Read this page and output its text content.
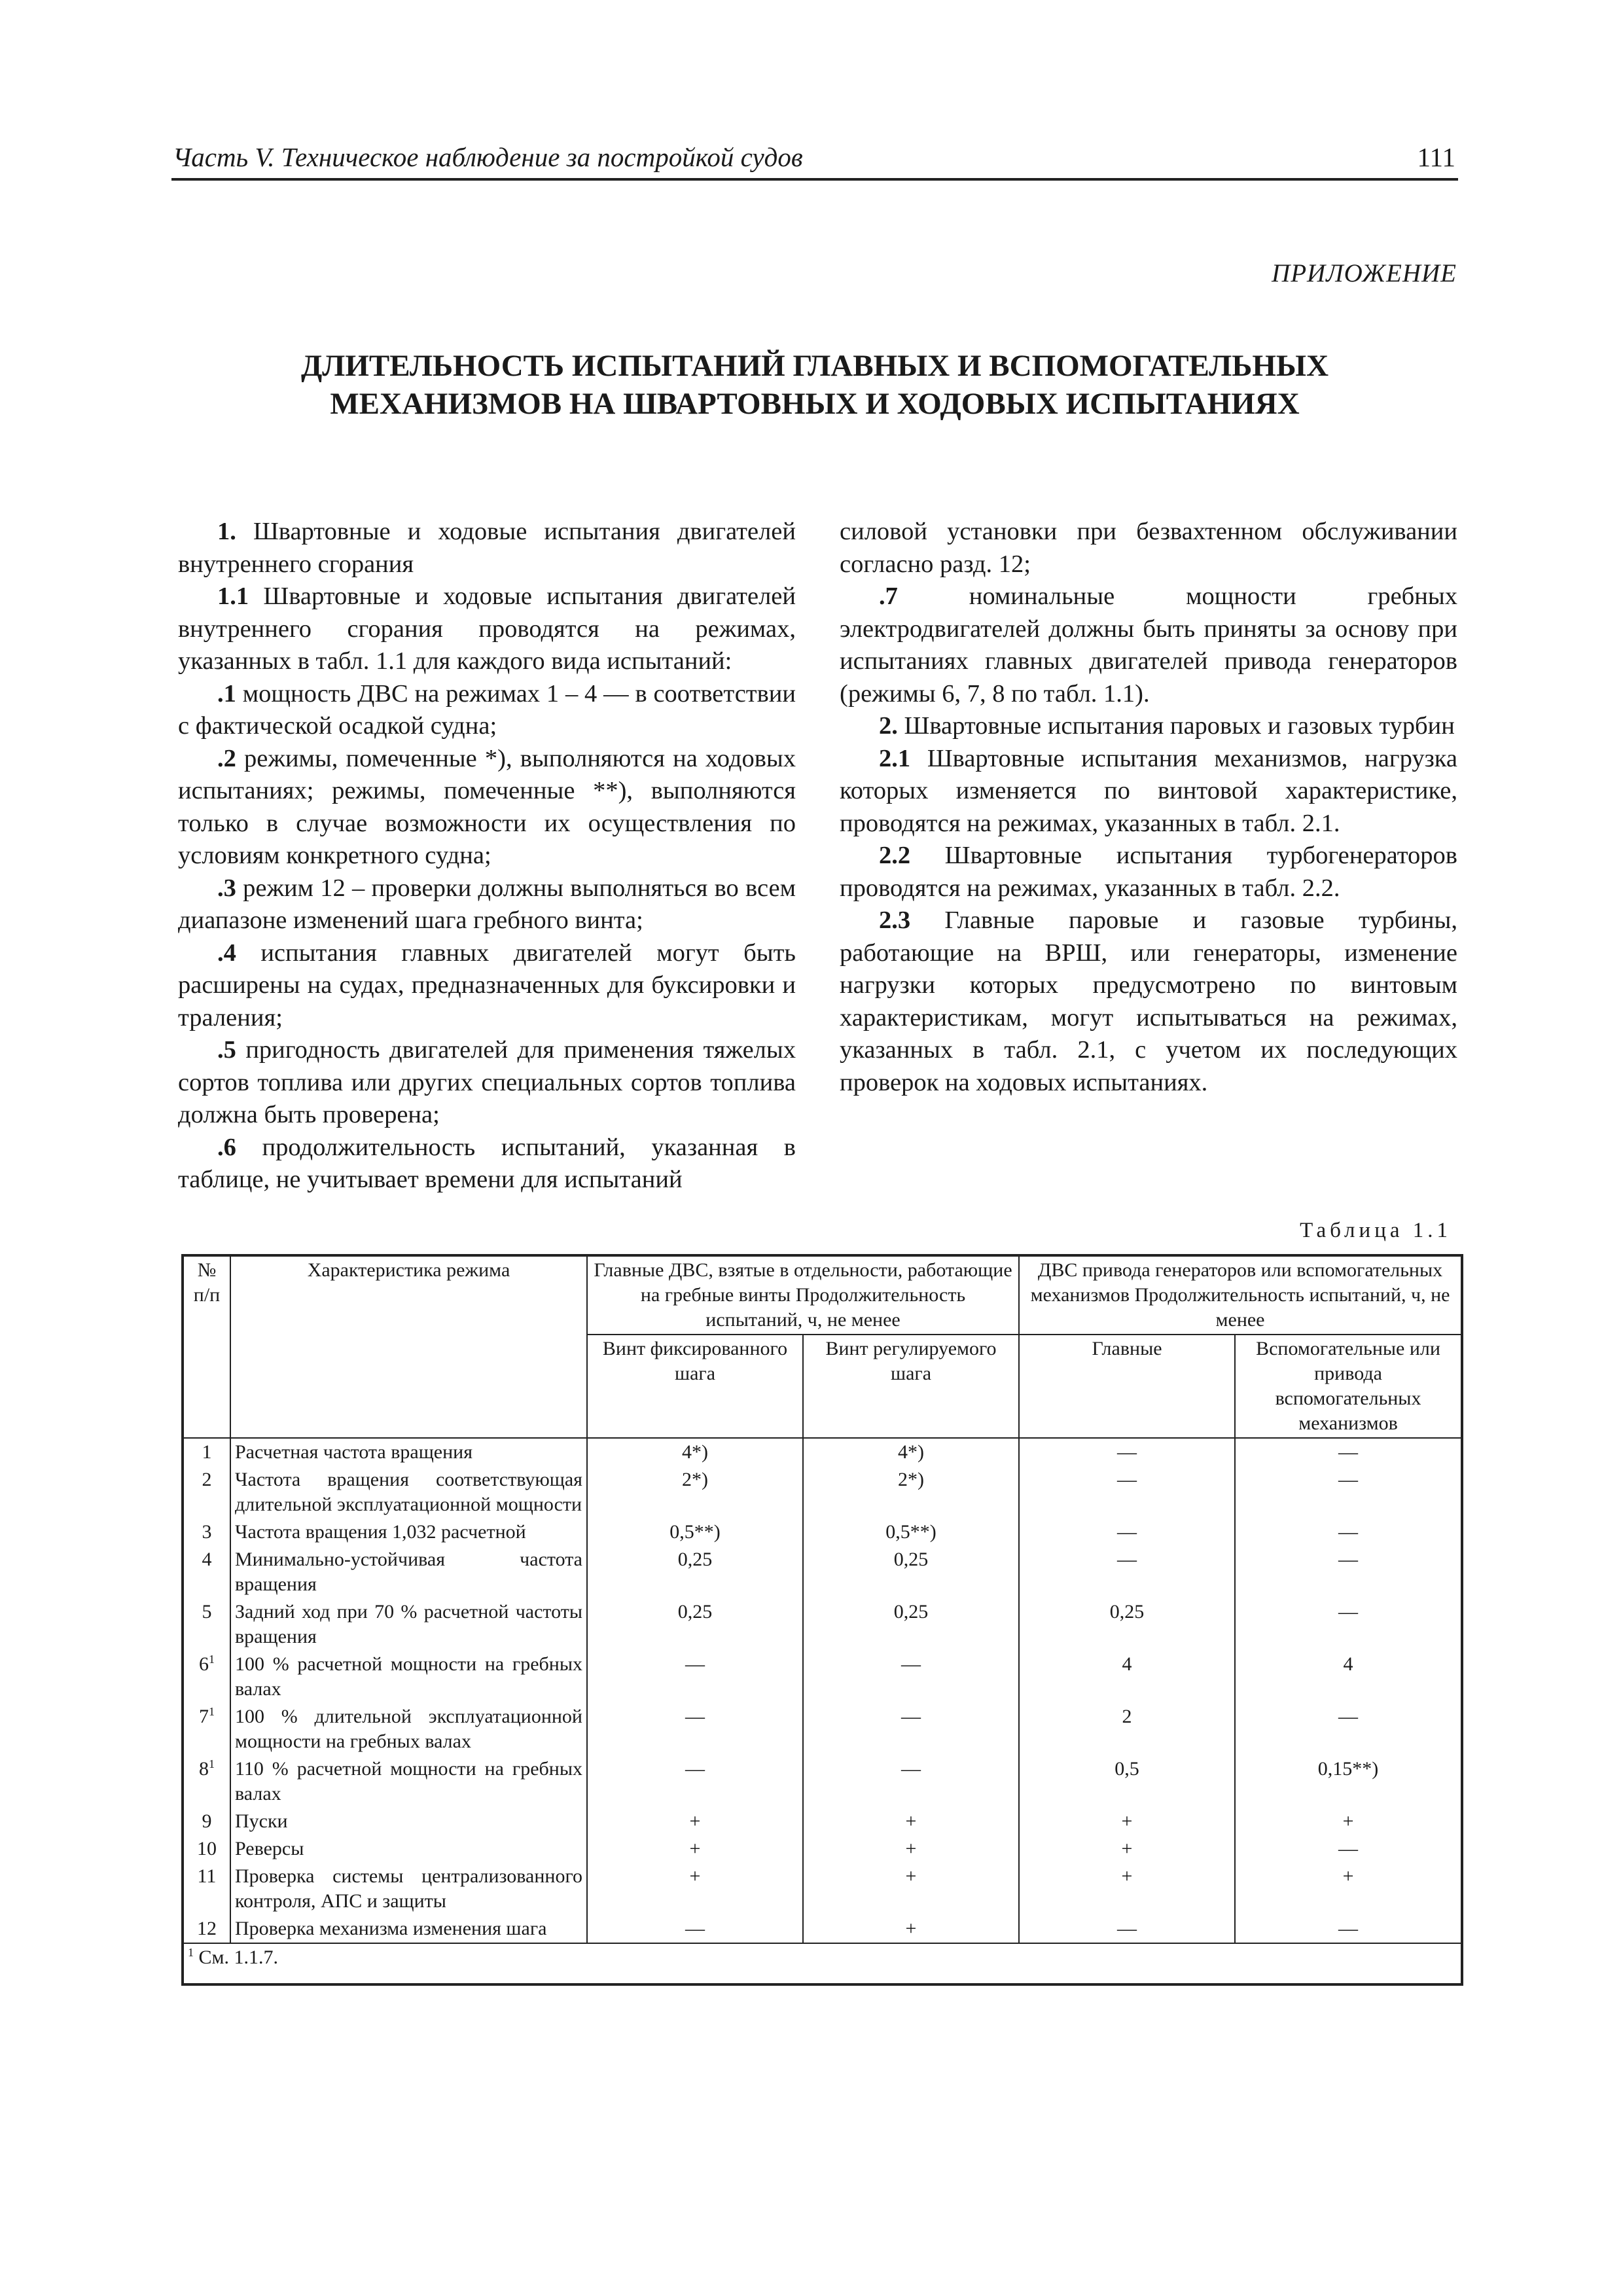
Часть V. Техническое наблюдение за постройкой судов	111
ПРИЛОЖЕНИЕ
ДЛИТЕЛЬНОСТЬ ИСПЫТАНИЙ ГЛАВНЫХ И ВСПОМОГАТЕЛЬНЫХ
МЕХАНИЗМОВ НА ШВАРТОВНЫХ И ХОДОВЫХ ИСПЫТАНИЯХ

1. Швартовные и ходовые испытания двигателей внутреннего сгорания

1.1 Швартовные и ходовые испытания двигателей внутреннего сгорания проводятся на режимах, указанных в табл. 1.1 для каждого вида испытаний:

.1 мощность ДВС на режимах 1 – 4 — в соответствии с фактической осадкой судна;

.2 режимы, помеченные *), выполняются на ходовых испытаниях; режимы, помеченные **), выполняются только в случае возможности их осуществления по условиям конкретного судна;

.3 режим 12 – проверки должны выполняться во всем диапазоне изменений шага гребного винта;

.4 испытания главных двигателей могут быть расширены на судах, предназначенных для буксировки и траления;

.5 пригодность двигателей для применения тяжелых сортов топлива или других специальных сортов топлива должна быть проверена;

.6 продолжительность испытаний, указанная в таблице, не учитывает времени для испытаний

силовой установки при безвахтенном обслуживании согласно разд. 12;

.7 номинальные мощности гребных электродвигателей должны быть приняты за основу при испытаниях главных двигателей привода генераторов (режимы 6, 7, 8 по табл. 1.1).

2. Швартовные испытания паровых и газовых турбин

2.1 Швартовные испытания механизмов, нагрузка которых изменяется по винтовой характеристике, проводятся на режимах, указанных в табл. 2.1.

2.2 Швартовные испытания турбогенераторов проводятся на режимах, указанных в табл. 2.2.

2.3 Главные паровые и газовые турбины, работающие на ВРШ, или генераторы, изменение нагрузки которых предусмотрено по винтовым характеристикам, могут испытываться на режимах, указанных в табл. 2.1, с учетом их последующих проверок на ходовых испытаниях.

Таблица 1.1
№ п/п	Характеристика режима	Главные ДВС, взятые в отдельности, работающие на гребные винты Продолжительность испытаний, ч, не менее		ДВС привода генераторов или вспомогательных механизмов Продолжительность испытаний, ч, не менее	
		Винт фиксированного шага	Винт регулируемого шага	Главные	Вспомогательные или привода вспомогательных механизмов
1	Расчетная частота вращения	4*)	4*)	—	—
2	Частота вращения соответствующая длительной эксплуатационной мощности	2*)	2*)	—	—
3	Частота вращения 1,032 расчетной	0,5**)	0,5**)	—	—
4	Минимально-устойчивая частота вращения	0,25	0,25	—	—
5	Задний ход при 70 % расчетной частоты вращения	0,25	0,25	0,25	—
$6^1$	100 % расчетной мощности на гребных валах	—	—	4	4
$7^1$	100 % длительной эксплуатационной мощности на гребных валах	—	—	2	—
$8^1$	110 % расчетной мощности на гребных валах	—	—	0,5	0,15**)
9	Пуски	+	+	+	+
10	Реверсы	+	+	+	—
11	Проверка системы централизованного контроля, АПС и защиты	+	+	+	+
12	Проверка механизма изменения шага	—	+	—	—
$^1$ См. 1.1.7.					
